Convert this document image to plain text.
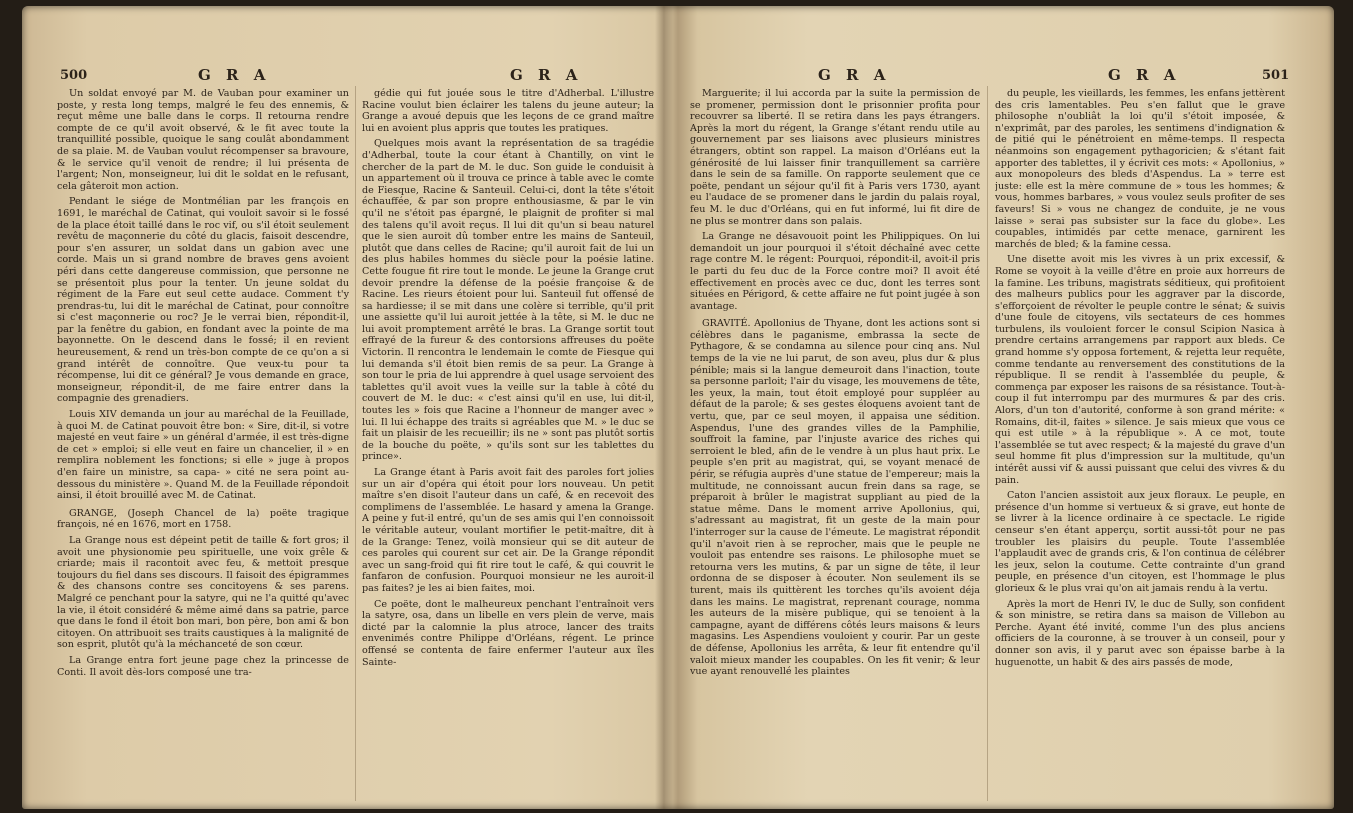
500	G R A	G R A

Un soldat envoyé par M. de Vauban pour examiner un poste, y resta long temps, malgré le feu des ennemis, & reçut même une balle dans le corps. Il retourna rendre compte de ce qu'il avoit observé, & le fit avec toute la tranquillité possible, quoique le sang coulât abondamment de sa plaie. M. de Vauban voulut récompenser sa bravoure, & le service qu'il venoit de rendre; il lui présenta de l'argent; Non, monseigneur, lui dit le soldat en le refusant, cela gâteroit mon action.

Pendant le siége de Montmélian par les françois en 1691, le maréchal de Catinat, qui vouloit savoir si le fossé de la place étoit taillé dans le roc vif, ou s'il étoit seulement revêtu de maçonnerie du côté du glacis, faisoit descendre, pour s'en assurer, un soldat dans un gabion avec une corde. Mais un si grand nombre de braves gens avoient péri dans cette dangereuse commission, que personne ne se présentoit plus pour la tenter. Un jeune soldat du régiment de la Fare eut seul cette audace. Comment t'y prendras-tu, lui dit le maréchal de Catinat, pour connoître si c'est maçonnerie ou roc? Je le verrai bien, répondit-il, par la fenêtre du gabion, en fondant avec la pointe de ma bayonnette. On le descend dans le fossé; il en revient heureusement, & rend un très-bon compte de ce qu'on a si grand intérêt de connoître. Que veux-tu pour ta récompense, lui dit ce général? Je vous demande en grace, monseigneur, répondit-il, de me faire entrer dans la compagnie des grenadiers.

Louis XIV demanda un jour au maréchal de la Feuillade, à quoi M. de Catinat pouvoit être bon: « Sire, dit-il, si votre majesté en veut faire » un général d'armée, il est très-digne de cet » emploi; si elle veut en faire un chancelier, il » en remplira noblement les fonctions; si elle » juge à propos d'en faire un ministre, sa capa- » cité ne sera point au-dessous du ministère ». Quand M. de la Feuillade répondoit ainsi, il étoit brouillé avec M. de Catinat.

GRANGE, (Joseph Chancel de la) poëte tragique françois, né en 1676, mort en 1758.

La Grange nous est dépeint petit de taille & fort gros; il avoit une physionomie peu spirituelle, une voix grêle & criarde; mais il racontoit avec feu, & mettoit presque toujours du fiel dans ses discours. Il faisoit des épigrammes & des chansons contre ses concitoyens & ses parens. Malgré ce penchant pour la satyre, qui ne l'a quitté qu'avec la vie, il étoit considéré & même aimé dans sa patrie, parce que dans le fond il étoit bon mari, bon père, bon ami & bon citoyen. On attribuoit ses traits caustiques à la malignité de son esprit, plutôt qu'à la méchanceté de son cœur.

La Grange entra fort jeune page chez la princesse de Conti. Il avoit dès-lors composé une tra-

gédie qui fut jouée sous le titre d'Adherbal. L'illustre Racine voulut bien éclairer les talens du jeune auteur; la Grange a avoué depuis que les leçons de ce grand maître lui en avoient plus appris que toutes les pratiques.

Quelques mois avant la représentation de sa tragédie d'Adherbal, toute la cour étant à Chantilly, on vint le chercher de la part de M. le duc. Son guide le conduisit à un appartement où il trouva ce prince à table avec le comte de Fiesque, Racine & Santeuil. Celui-ci, dont la tête s'étoit échauffée, & par son propre enthousiasme, & par le vin qu'il ne s'étoit pas épargné, le plaignit de profiter si mal des talens qu'il avoit reçus. Il lui dit qu'un si beau naturel que le sien auroit dû tomber entre les mains de Santeuil, plutôt que dans celles de Racine; qu'il auroit fait de lui un des plus habiles hommes du siècle pour la poésie latine. Cette fougue fit rire tout le monde. Le jeune la Grange crut devoir prendre la défense de la poésie françoise & de Racine. Les rieurs étoient pour lui. Santeuil fut offensé de sa hardiesse; il se mit dans une colère si terrible, qu'il prit une assiette qu'il lui auroit jettée à la tête, si M. le duc ne lui avoit promptement arrêté le bras. La Grange sortit tout effrayé de la fureur & des contorsions affreuses du poëte Victorin. Il rencontra le lendemain le comte de Fiesque qui lui demanda s'il étoit bien remis de sa peur. La Grange à son tour le pria de lui apprendre à quel usage servoient des tablettes qu'il avoit vues la veille sur la table à côté du couvert de M. le duc: « c'est ainsi qu'il en use, lui dit-il, toutes les » fois que Racine a l'honneur de manger avec » lui. Il lui échappe des traits si agréables que M. » le duc se fait un plaisir de les recueillir; ils ne » sont pas plutôt sortis de la bouche du poëte, » qu'ils sont sur les tablettes du prince».

La Grange étant à Paris avoit fait des paroles fort jolies sur un air d'opéra qui étoit pour lors nouveau. Un petit maître s'en disoit l'auteur dans un café, & en recevoit des complimens de l'assemblée. Le hasard y amena la Grange. A peine y fut-il entré, qu'un de ses amis qui l'en connoissoit le véritable auteur, voulant mortifier le petit-maître, dit à de la Grange: Tenez, voilà monsieur qui se dit auteur de ces paroles qui courent sur cet air. De la Grange répondit avec un sang-froid qui fit rire tout le café, & qui couvrit le fanfaron de confusion. Pourquoi monsieur ne les auroit-il pas faites? je les ai bien faites, moi.

Ce poëte, dont le malheureux penchant l'entraînoit vers la satyre, osa, dans un libelle en vers plein de verve, mais dicté par la calomnie la plus atroce, lancer des traits envenimés contre Philippe d'Orléans, régent. Le prince offensé se contenta de faire enfermer l'auteur aux îles Sainte-

G R A	G R A	501

Marguerite; il lui accorda par la suite la permission de se promener, permission dont le prisonnier profita pour recouvrer sa liberté. Il se retira dans les pays étrangers. Après la mort du régent, la Grange s'étant rendu utile au gouvernement par ses liaisons avec plusieurs ministres étrangers, obtint son rappel. La maison d'Orléans eut la générosité de lui laisser finir tranquillement sa carrière dans le sein de sa famille. On rapporte seulement que ce poëte, pendant un séjour qu'il fit à Paris vers 1730, ayant eu l'audace de se promener dans le jardin du palais royal, feu M. le duc d'Orléans, qui en fut informé, lui fit dire de ne plus se montrer dans son palais.

La Grange ne désavouoit point les Philippiques. On lui demandoit un jour pourquoi il s'étoit déchaîné avec cette rage contre M. le régent: Pourquoi, répondit-il, avoit-il pris le parti du feu duc de la Force contre moi? Il avoit été effectivement en procès avec ce duc, dont les terres sont situées en Périgord, & cette affaire ne fut point jugée à son avantage.

GRAVITÉ. Apollonius de Thyane, dont les actions sont si célèbres dans le paganisme, embrassa la secte de Pythagore, & se condamna au silence pour cinq ans. Nul temps de la vie ne lui parut, de son aveu, plus dur & plus pénible; mais si la langue demeuroit dans l'inaction, toute sa personne parloit; l'air du visage, les mouvemens de tête, les yeux, la main, tout étoit employé pour suppléer au défaut de la parole; & ses gestes éloquens avoient tant de vertu, que, par ce seul moyen, il appaisa une sédition. Aspendus, l'une des grandes villes de la Pamphilie, souffroit la famine, par l'injuste avarice des riches qui serroient le bled, afin de le vendre à un plus haut prix. Le peuple s'en prit au magistrat, qui, se voyant menacé de périr, se réfugia auprès d'une statue de l'empereur; mais la multitude, ne connoissant aucun frein dans sa rage, se préparoit à brûler le magistrat suppliant au pied de la statue même. Dans le moment arrive Apollonius, qui, s'adressant au magistrat, fit un geste de la main pour l'interroger sur la cause de l'émeute. Le magistrat répondit qu'il n'avoit rien à se reprocher, mais que le peuple ne vouloit pas entendre ses raisons. Le philosophe muet se retourna vers les mutins, & par un signe de tête, il leur ordonna de se disposer à écouter. Non seulement ils se turent, mais ils quittèrent les torches qu'ils avoient déja dans les mains. Le magistrat, reprenant courage, nomma les auteurs de la misère publique, qui se tenoient à la campagne, ayant de différens côtés leurs maisons & leurs magasins. Les Aspendiens vouloient y courir. Par un geste de défense, Apollonius les arrêta, & leur fit entendre qu'il valoit mieux mander les coupables. On les fit venir; & leur vue ayant renouvellé les plaintes

du peuple, les vieillards, les femmes, les enfans jettèrent des cris lamentables. Peu s'en fallut que le grave philosophe n'oubliât la loi qu'il s'étoit imposée, & n'exprimât, par des paroles, les sentimens d'indignation & de pitié qui le pénétroient en même-temps. Il respecta néanmoins son engagement pythagoricien; & s'étant fait apporter des tablettes, il y écrivit ces mots: « Apollonius, » aux monopoleurs des bleds d'Aspendus. La » terre est juste: elle est la mère commune de » tous les hommes; & vous, hommes barbares, » vous voulez seuls profiter de ses faveurs! Si » vous ne changez de conduite, je ne vous laisse » serai pas subsister sur la face du globe». Les coupables, intimidés par cette menace, garnirent les marchés de bled; & la famine cessa.

Une disette avoit mis les vivres à un prix excessif, & Rome se voyoit à la veille d'être en proie aux horreurs de la famine. Les tribuns, magistrats séditieux, qui profitoient des malheurs publics pour les aggraver par la discorde, s'efforçoient de révolter le peuple contre le sénat; & suivis d'une foule de citoyens, vils sectateurs de ces hommes turbulens, ils vouloient forcer le consul Scipion Nasica à prendre certains arrangemens par rapport aux bleds. Ce grand homme s'y opposa fortement, & rejetta leur requête, comme tendante au renversement des constitutions de la république. Il se rendit à l'assemblée du peuple, & commença par exposer les raisons de sa résistance. Tout-à-coup il fut interrompu par des murmures & par des cris. Alors, d'un ton d'autorité, conforme à son grand mérite: « Romains, dit-il, faites » silence. Je sais mieux que vous ce qui est utile » à la république ». A ce mot, toute l'assemblée se tut avec respect; & la majesté du grave d'un seul homme fit plus d'impression sur la multitude, qu'un intérêt aussi vif & aussi puissant que celui des vivres & du pain.

Caton l'ancien assistoit aux jeux floraux. Le peuple, en présence d'un homme si vertueux & si grave, eut honte de se livrer à la licence ordinaire à ce spectacle. Le rigide censeur s'en étant apperçu, sortit aussi-tôt pour ne pas troubler les plaisirs du peuple. Toute l'assemblée l'applaudit avec de grands cris, & l'on continua de célébrer les jeux, selon la coutume. Cette contrainte d'un grand peuple, en présence d'un citoyen, est l'hommage le plus glorieux & le plus vrai qu'on ait jamais rendu à la vertu.

Après la mort de Henri IV, le duc de Sully, son confident & son ministre, se retira dans sa maison de Villebon au Perche. Ayant été invité, comme l'un des plus anciens officiers de la couronne, à se trouver à un conseil, pour y donner son avis, il y parut avec son épaisse barbe à la huguenotte, un habit & des airs passés de mode,
